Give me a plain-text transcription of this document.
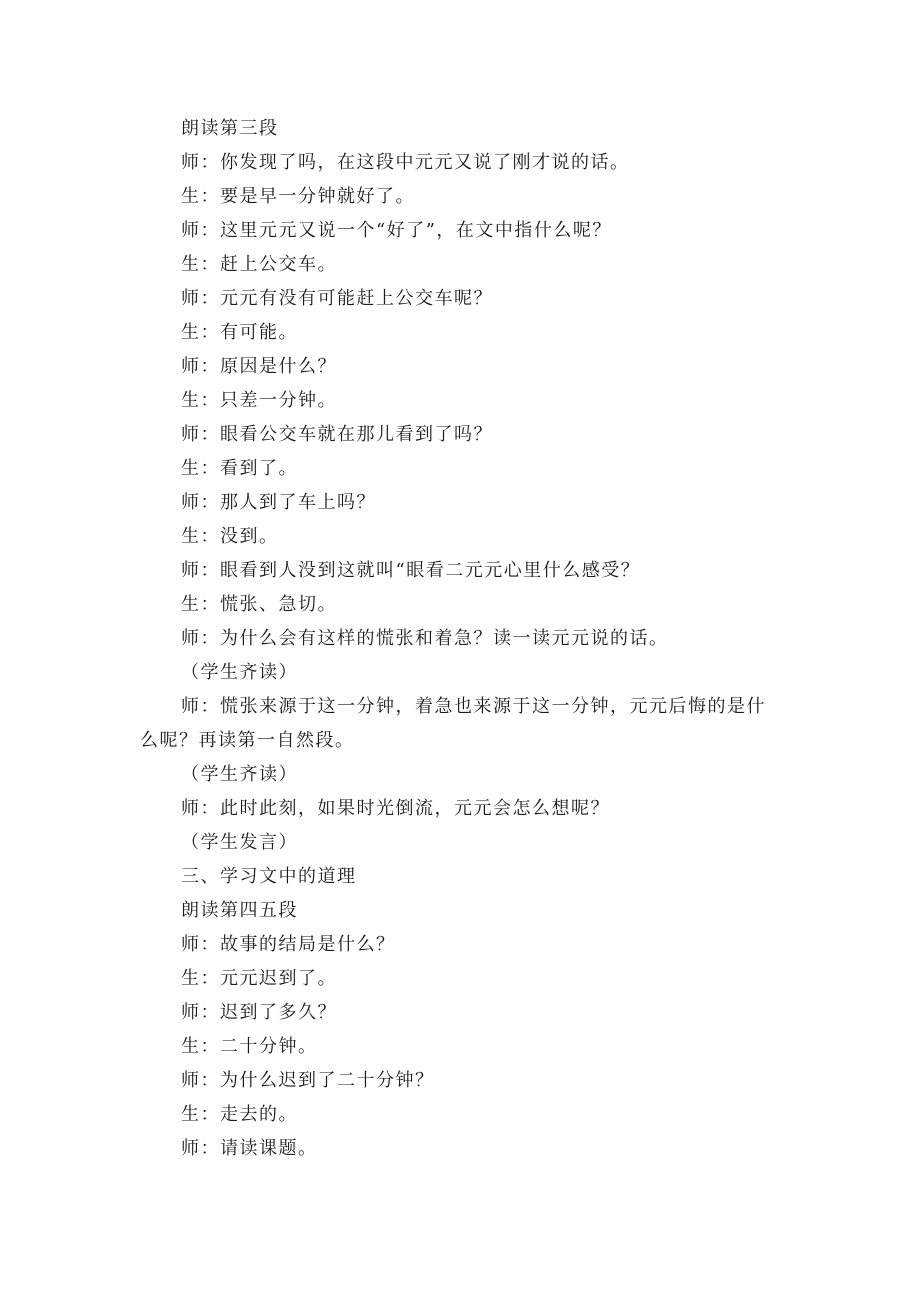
朗读第三段

师：你发现了吗，在这段中元元又说了刚才说的话。

生：要是早一分钟就好了。

师：这里元元又说一个“好了”，在文中指什么呢？

生：赶上公交车。

师：元元有没有可能赶上公交车呢？

生：有可能。

师：原因是什么？

生：只差一分钟。

师：眼看公交车就在那儿看到了吗？

生：看到了。

师：那人到了车上吗？

生：没到。

师：眼看到人没到这就叫“眼看二元元心里什么感受？

生：慌张、急切。

师：为什么会有这样的慌张和着急？读一读元元说的话。

（学生齐读）

师：慌张来源于这一分钟，着急也来源于这一分钟，元元后悔的是什么呢？再读第一自然段。

（学生齐读）

师：此时此刻，如果时光倒流，元元会怎么想呢？

（学生发言）

三、学习文中的道理

朗读第四五段

师：故事的结局是什么？

生：元元迟到了。

师：迟到了多久？

生：二十分钟。

师：为什么迟到了二十分钟？

生：走去的。

师：请读课题。
